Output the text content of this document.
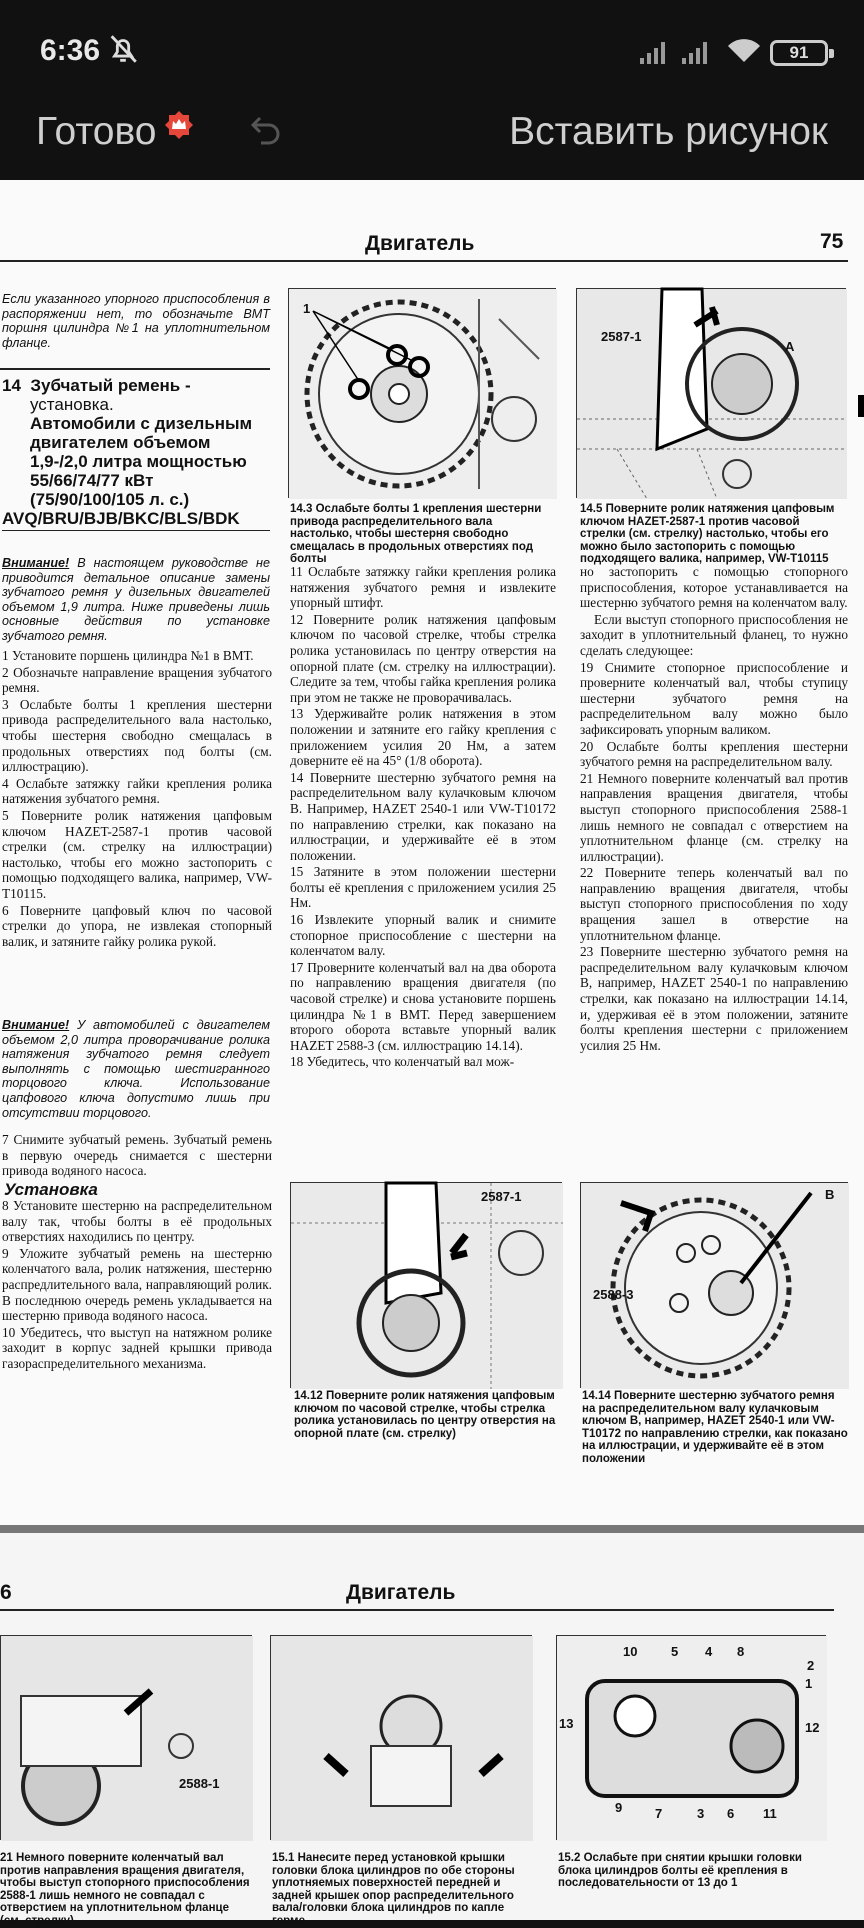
6:36	91
Готово	Вставить рисунок
Двигатель	75
Если указанного упорного приспособления в распоряжении нет, то обозначьте ВМТ поршня цилиндра №1 на уплотнительном фланце.
14 Зубчатый ремень -

установка.
Автомобили с дизельным двигателем объемом 1,9-/2,0 литра мощностью 55/66/74/77 кВт (75/90/100/105 л. с.)
AVQ/BRU/BJB/BKC/BLS/BDK
Внимание! В настоящем руководстве не приводится детальное описание замены зубчатого ремня у дизельных двигателей объемом 1,9 литра. Ниже приведены лишь основные действия по установке зубчатого ремня.

1 Установите поршень цилиндра №1 в ВМТ.

2 Обозначьте направление вращения зубчатого ремня.

3 Ослабьте болты 1 крепления шестерни привода распределительного вала настолько, чтобы шестерня свободно смещалась в продольных отверстиях под болты (см. иллюстрацию).

4 Ослабьте затяжку гайки крепления ролика натяжения зубчатого ремня.

5 Поверните ролик натяжения цапфовым ключом HAZET-2587-1 против часовой стрелки (см. стрелку на иллюстрации) настолько, чтобы его можно застопорить с помощью подходящего валика, например, VW-T10115.

6 Поверните цапфовый ключ по часовой стрелки до упора, не извлекая стопорный валик, и затяните гайку ролика рукой.

Внимание! У автомобилей с двигателем объемом 2,0 литра проворачивание ролика натяжения зубчатого ремня следует выполнять с помощью шестигранного торцового ключа. Использование цапфового ключа допустимо лишь при отсутствии торцового.
7 Снимите зубчатый ремень. Зубчатый ремень в первую очередь снимается с шестерни привода водяного насоса.
Установка

8 Установите шестерню на распределительном валу так, чтобы болты в её продольных отверстиях находились по центру.

9 Уложите зубчатый ремень на шестерню коленчатого вала, ролик натяжения, шестерню распредлительного вала, направляющий ролик. В последнюю очередь ремень укладывается на шестерню привода водяного насоса.

10 Убедитесь, что выступ на натяжном ролике заходит в корпус задней крышки привода газораспределительного механизма.

1
14.3 Ослабьте болты 1 крепления шестерни привода распределительного вала настолько, чтобы шестерня свободно смещалась в продольных отверстиях под болты

11 Ослабьте затяжку гайки крепления ролика натяжения зубчатого ремня и извлеките упорный штифт.

12 Поверните ролик натяжения цапфовым ключом по часовой стрелке, чтобы стрелка ролика установилась по центру отверстия на опорной плате (см. стрелку на иллюстрации). Следите за тем, чтобы гайка крепления ролика при этом не также не проворачивалась.

13 Удерживайте ролик натяжения в этом положении и затяните его гайку крепления с приложением усилия 20 Нм, а затем доверните её на 45° (1/8 оборота).

14 Поверните шестерню зубчатого ремня на распределительном валу кулачковым ключом В. Например, HAZET 2540-1 или VW-T10172 по направлению стрелки, как показано на иллюстрации, и удерживайте её в этом положении.

15 Затяните в этом положении шестерни болты её крепления с приложением усилия 25 Нм.

16 Извлеките упорный валик и снимите стопорное приспособление с шестерни на коленчатом валу.

17 Проверните коленчатый вал на два оборота по направлению вращения двигателя (по часовой стрелке) и снова установите поршень цилиндра №1 в ВМТ. Перед завершением второго оборота вставьте упорный валик HAZET 2588-3 (см. иллюстрацию 14.14).

18 Убедитесь, что коленчатый вал мож-

2587-1
A
14.5 Поверните ролик натяжения цапфовым ключом HAZET-2587-1 против часовой стрелки (см. стрелку) настолько, чтобы его можно было застопорить с помощью подходящего валика, например, VW-T10115

но застопорить с помощью стопорного приспособления, которое устанавливается на шестерню зубчатого ремня на коленчатом валу.

Если выступ стопорного приспособления не заходит в уплотнительный фланец, то нужно сделать следующее:

19 Снимите стопорное приспособление и проверните коленчатый вал, чтобы ступицу шестерни зубчатого ремня на распределительном валу можно было зафиксировать упорным валиком.

20 Ослабьте болты крепления шестерни зубчатого ремня на распределительном валу.

21 Немного поверните коленчатый вал против направления вращения двигателя, чтобы выступ стопорного приспособления 2588-1 лишь немного не совпадал с отверстием на уплотнительном фланце (см. стрелку на иллюстрации).

22 Поверните теперь коленчатый вал по направлению вращения двигателя, чтобы выступ стопорного приспособления по ходу вращения зашел в отверстие на уплотнительном фланце.

23 Поверните шестерню зубчатого ремня на распределительном валу кулачковым ключом В, например, HAZET 2540-1 по направлению стрелки, как показано на иллюстрации 14.14, и, удерживая её в этом положении, затяните болты крепления шестерни с приложением усилия 25 Нм.

2587-1
14.12 Поверните ролик натяжения цапфовым ключом по часовой стрелке, чтобы стрелка ролика установилась по центру отверстия на опорной плате (см. стрелку)
B
2588-3
14.14 Поверните шестерню зубчатого ремня на распределительном валу кулачковым ключом B, например, HAZET 2540-1 или VW-T10172 по направлению стрелки, как показано на иллюстрации, и удерживайте её в этом положении
6	Двигатель
2588-1
21 Немного поверните коленчатый вал против направления вращения двигателя, чтобы выступ стопорного приспособления 2588-1 лишь немного не совпадал с отверстием на уплотнительном фланце (см. стрелку)
15.1 Нанесите перед установкой крышки головки блока цилиндров по обе стороны уплотняемых поверхностей передней и задней крышек опор распределительного вала/головки блока цилиндров по капле герме-
10	5 4 8
2
1
13	12
9	7	3 6 11
15.2 Ослабьте при снятии крышки головки блока цилиндров болты её крепления в последовательности от 13 до 1
